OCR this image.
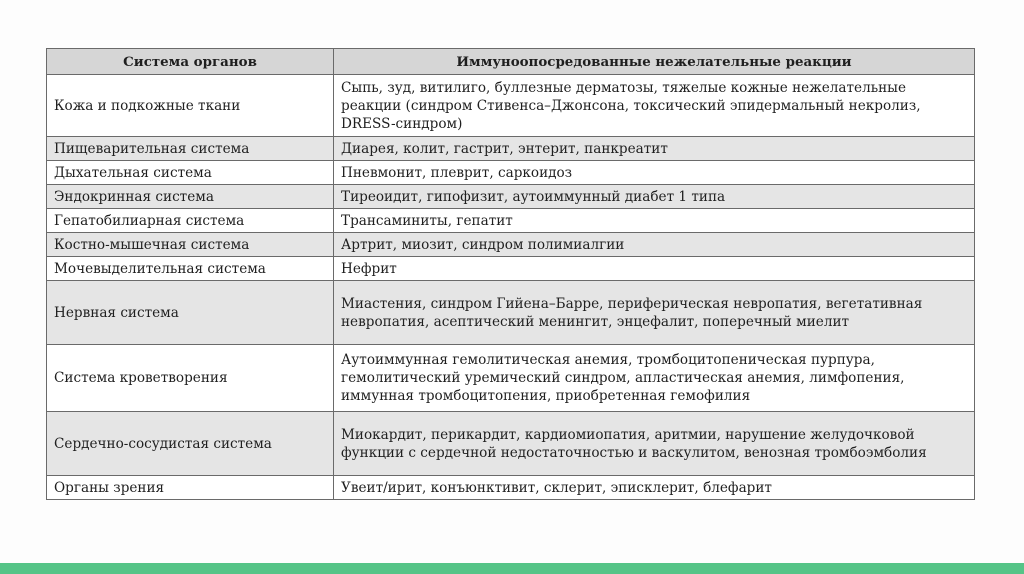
Система органов	Иммуноопосредованные нежелательные реакции
Кожа и подкожные ткани	Сыпь, зуд, витилиго, буллезные дерматозы, тяжелые кожные нежелательные реакции (синдром Стивенса–Джонсона, токсический эпидермальный некролиз, DRESS-синдром)
Пищеварительная система	Диарея, колит, гастрит, энтерит, панкреатит
Дыхательная система	Пневмонит, плеврит, саркоидоз
Эндокринная система	Тиреоидит, гипофизит, аутоиммунный диабет 1 типа
Гепатобилиарная система	Трансаминиты, гепатит
Костно-мышечная система	Артрит, миозит, синдром полимиалгии
Мочевыделительная система	Нефрит
Нервная система	Миастения, синдром Гийена–Барре, периферическая невропатия, вегетативная невропатия, асептический менингит, энцефалит, поперечный миелит
Система кроветворения	Аутоиммунная гемолитическая анемия, тромбоцитопеническая пурпура, гемолитический уремический синдром, апластическая анемия, лимфопения, иммунная тромбоцитопения, приобретенная гемофилия
Сердечно-сосудистая система	Миокардит, перикардит, кардиомиопатия, аритмии, нарушение желудочковой функции с сердечной недостаточностью и васкулитом, венозная тромбоэмболия
Органы зрения	Увеит/ирит, конъюнктивит, склерит, эписклерит, блефарит
